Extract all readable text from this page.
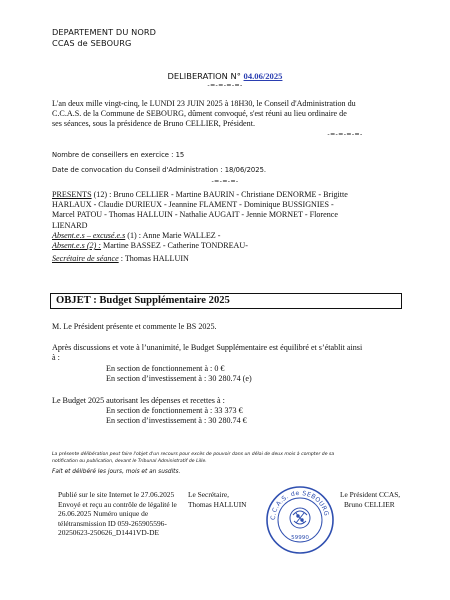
DEPARTEMENT DU NORD
CCAS de SEBOURG
DELIBERATION N° 04.06/2025
-=-=-=-=-
L'an deux mille vingt-cinq, le LUNDI 23 JUIN 2025 à 18H30, le Conseil d'Administration du
C.C.A.S. de la Commune de SEBOURG, dûment convoqué, s'est réuni au lieu ordinaire de
ses séances, sous la présidence de Bruno CELLIER, Président.
-=-=-=-=-
Nombre de conseillers en exercice : 15
Date de convocation du Conseil d'Administration : 18/06/2025.
-=-=-=-
PRESENTS (12) : Bruno CELLIER - Martine BAURIN - Christiane DENORME - Brigitte
HARLAUX - Claudie DURIEUX - Jeannine FLAMENT - Dominique BUSSIGNIES -
Marcel PATOU - Thomas HALLUIN - Nathalie AUGAIT - Jennie MORNET - Florence
LIENARD
Absent.e.s – excusé.e.s (1) : Anne Marie WALLEZ -
Absent.e.s (2) : Martine BASSEZ - Catherine TONDREAU-
Secrétaire de séance : Thomas HALLUIN
OBJET : Budget Supplémentaire 2025
M. Le Président présente et commente le BS 2025.
Après discussions et vote à l’unanimité, le Budget Supplémentaire est équilibré et s’établit ainsi
à :
En section de fonctionnement à : 0 €
En section d’investissement à : 30 280.74 (e)
Le Budget 2025 autorisant les dépenses et recettes à :
En section de fonctionnement à : 33 373 €
En section d’investissement à : 30 280.74 €
La présente délibération peut faire l'objet d'un recours pour excès de pouvoir dans un délai de deux mois à compter de sa
notification ou publication, devant le Tribunal Administratif de Lille.
Fait et délibéré les jours, mois et an susdits.
Publié sur le site Internet le 27.06.2025
Envoyé et reçu au contrôle de légalité le
26.06.2025 Numéro unique de
télétransmission ID 059-265905596-
20250623-250626_D1441VD-DE
Le Secrétaire,
Thomas HALLUIN
C.C.A.S. de SEBOURG
59990
Le Président CCAS,
Bruno CELLIER
